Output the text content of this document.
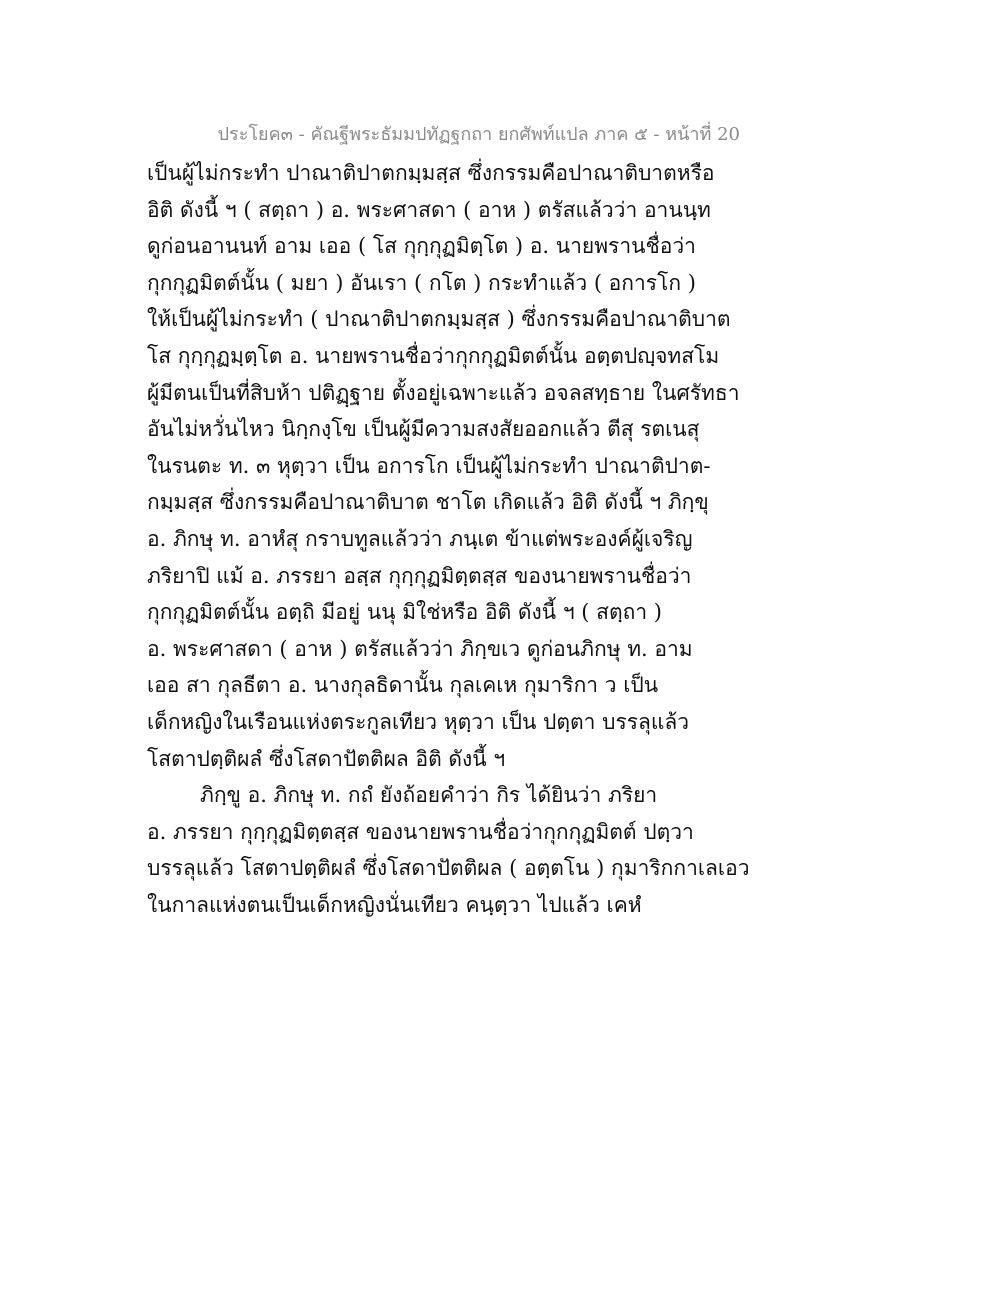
ประโยค๓ - คัณฐีพระธัมมปทัฏฐกถา ยกศัพท์แปล ภาค ๕ - หน้าที่ 20
เป็นผู้ไม่กระทำ ปาณาติปาตกมฺมสฺส ซึ่งกรรมคือปาณาติบาตหรือ
อิติ ดังนี้ ฯ ( สตฺถา ) อ. พระศาสดา ( อาห ) ตรัสแล้วว่า อานนฺท
ดูก่อนอานนท์ อาม เออ ( โส กุกฺกุฏมิตฺโต ) อ. นายพรานชื่อว่า
กุกกุฏมิตต์นั้น ( มยา ) อันเรา ( กโต ) กระทำแล้ว ( อการโก )
ให้เป็นผู้ไม่กระทำ ( ปาณาติปาตกมฺมสฺส ) ซึ่งกรรมคือปาณาติบาต
โส กุกฺกุฏมฺตฺโต อ. นายพรานชื่อว่ากุกกุฏมิตต์นั้น อตฺตปญฺจทสโม
ผู้มีตนเป็นที่สิบห้า ปติฏฺฐาย ตั้งอยู่เฉพาะแล้ว อจลสทฺธาย ในศรัทธา
อันไม่หวั่นไหว นิกฺกงฺโข เป็นผู้มีความสงสัยออกแล้ว ตีสุ รตเนสุ
ในรนตะ ท. ๓ หุตฺวา เป็น อการโก เป็นผู้ไม่กระทำ ปาณาติปาต-
กมฺมสฺส ซึ่งกรรมคือปาณาติบาต ชาโต เกิดแล้ว อิติ ดังนี้ ฯ ภิกฺขุ
อ. ภิกษุ ท. อาหํสุ กราบทูลแล้วว่า ภนฺเต ข้าแต่พระองค์ผู้เจริญ
ภริยาปิ แม้ อ. ภรรยา อสฺส กุกฺกุฏมิตฺตสฺส ของนายพรานชื่อว่า
กุกกุฏมิตต์นั้น อตฺถิ มีอยู่ นนุ มิใช่หรือ อิติ ดังนี้ ฯ ( สตฺถา )
อ. พระศาสดา ( อาห ) ตรัสแล้วว่า ภิกฺขเว ดูก่อนภิกษุ ท. อาม
เออ สา กุลธีตา อ. นางกุลธิดานั้น กุลเคเห กุมาริกา ว เป็น
เด็กหญิงในเรือนแห่งตระกูลเทียว หุตฺวา เป็น ปตฺตา บรรลุแล้ว
โสตาปตฺติผลํ ซึ่งโสดาปัตติผล อิติ ดังนี้ ฯ
ภิกฺขู อ. ภิกษุ ท. กถํ ยังถ้อยคำว่า กิร ได้ยินว่า ภริยา
อ. ภรรยา กุกฺกุฏมิตฺตสฺส ของนายพรานชื่อว่ากุกกุฏมิตต์ ปตฺวา
บรรลุแล้ว โสตาปตฺติผลํ ซึ่งโสดาปัตติผล ( อตฺตโน ) กุมาริกกาเลเอว
ในกาลแห่งตนเป็นเด็กหญิงนั่นเทียว คนฺตฺวา ไปแล้ว เคหํ
